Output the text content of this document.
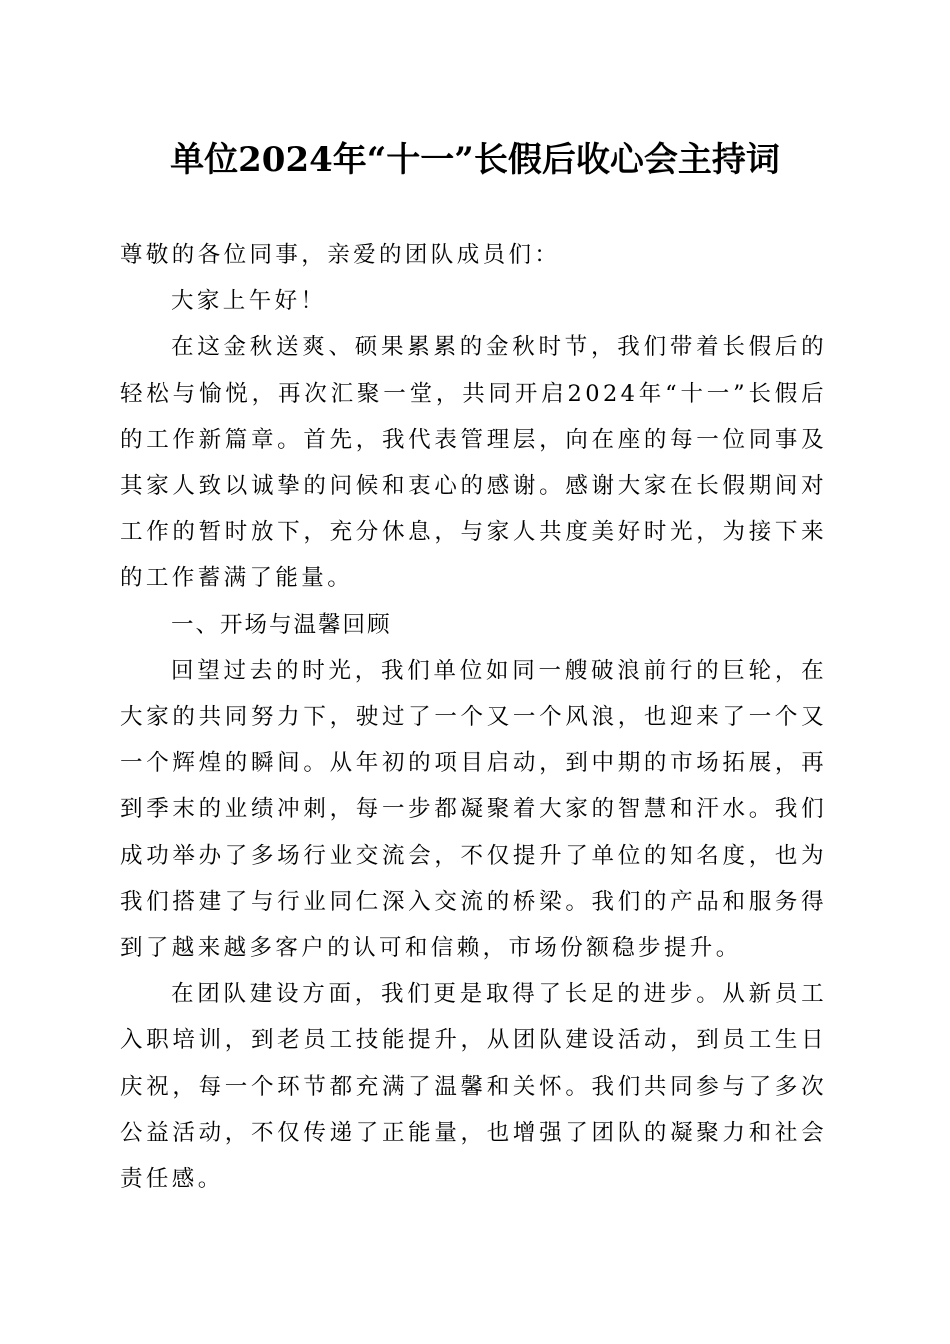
单位2024年“十一”长假后收心会主持词

尊敬的各位同事，亲爱的团队成员们：

大家上午好！

在这金秋送爽、硕果累累的金秋时节，我们带着长假后的轻松与愉悦，再次汇聚一堂，共同开启2024年“十一”长假后的工作新篇章。首先，我代表管理层，向在座的每一位同事及其家人致以诚挚的问候和衷心的感谢。感谢大家在长假期间对工作的暂时放下，充分休息，与家人共度美好时光，为接下来的工作蓄满了能量。

一、开场与温馨回顾

回望过去的时光，我们单位如同一艘破浪前行的巨轮，在大家的共同努力下，驶过了一个又一个风浪，也迎来了一个又一个辉煌的瞬间。从年初的项目启动，到中期的市场拓展，再到季末的业绩冲刺，每一步都凝聚着大家的智慧和汗水。我们成功举办了多场行业交流会，不仅提升了单位的知名度，也为我们搭建了与行业同仁深入交流的桥梁。我们的产品和服务得到了越来越多客户的认可和信赖，市场份额稳步提升。

在团队建设方面，我们更是取得了长足的进步。从新员工入职培训，到老员工技能提升，从团队建设活动，到员工生日庆祝，每一个环节都充满了温馨和关怀。我们共同参与了多次公益活动，不仅传递了正能量，也增强了团队的凝聚力和社会责任感。
